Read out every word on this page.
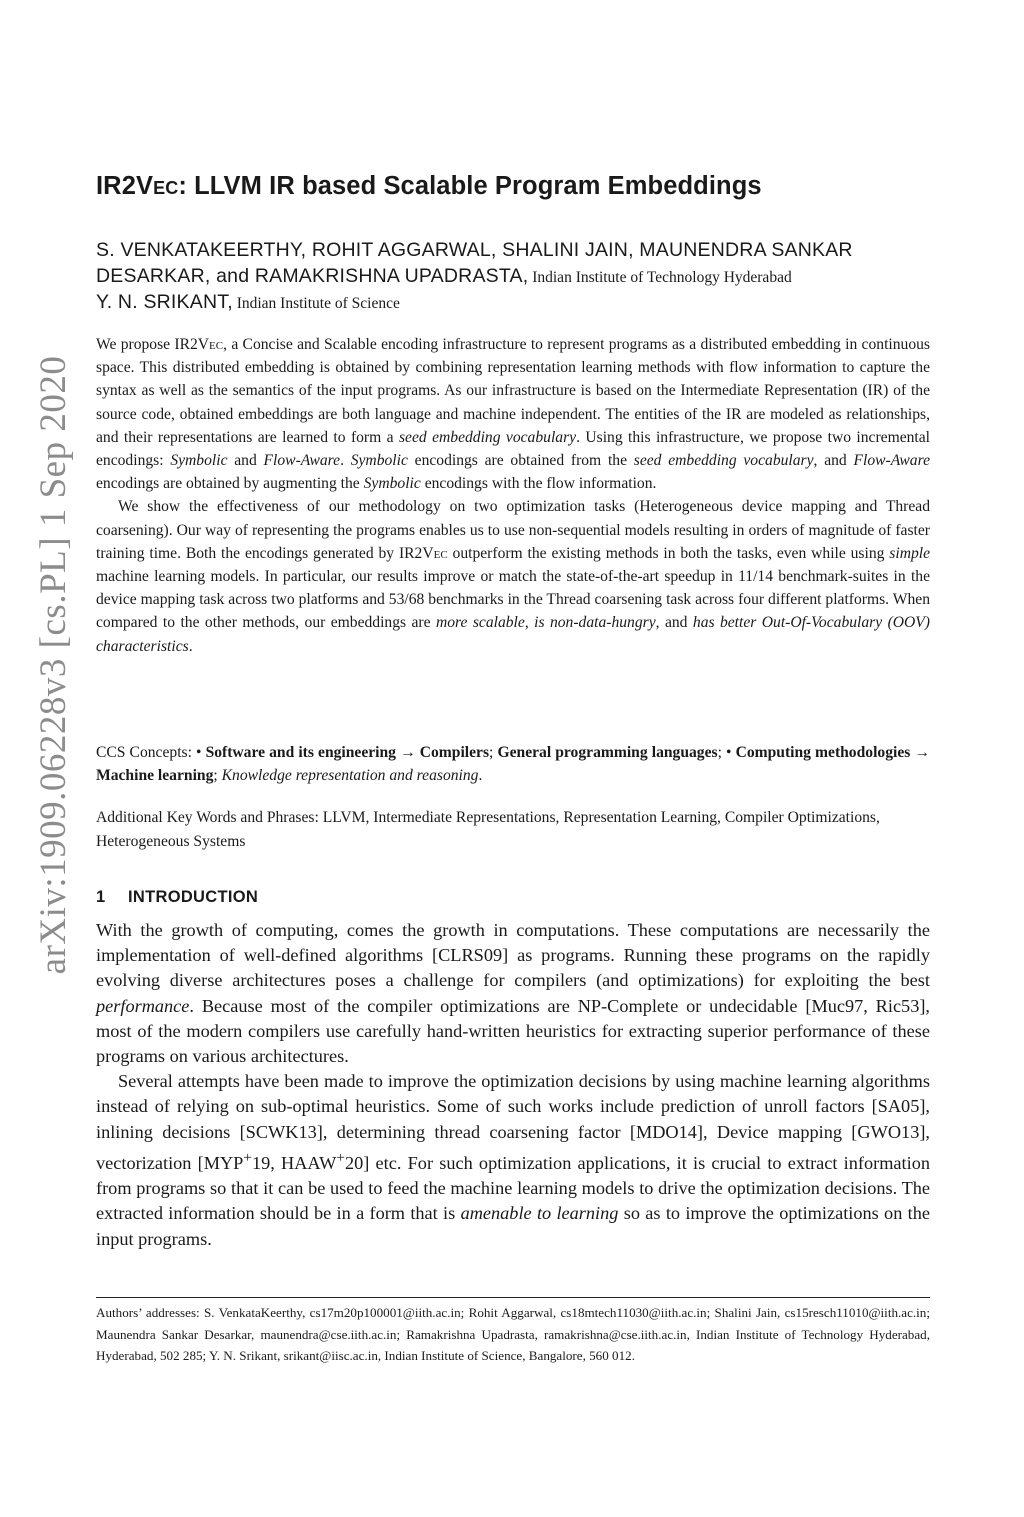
arXiv:1909.06228v3 [cs.PL] 1 Sep 2020
IR2Vec: LLVM IR based Scalable Program Embeddings
S. VENKATAKEERTHY, ROHIT AGGARWAL, SHALINI JAIN, MAUNENDRA SANKAR
DESARKAR, and RAMAKRISHNA UPADRASTA, Indian Institute of Technology Hyderabad
Y. N. SRIKANT, Indian Institute of Science

We propose IR2Vec, a Concise and Scalable encoding infrastructure to represent programs as a distributed embedding in continuous space. This distributed embedding is obtained by combining representation learning methods with flow information to capture the syntax as well as the semantics of the input programs. As our infrastructure is based on the Intermediate Representation (IR) of the source code, obtained embeddings are both language and machine independent. The entities of the IR are modeled as relationships, and their representations are learned to form a seed embedding vocabulary. Using this infrastructure, we propose two incremental encodings: Symbolic and Flow-Aware. Symbolic encodings are obtained from the seed embedding vocabulary, and Flow-Aware encodings are obtained by augmenting the Symbolic encodings with the flow information.

We show the effectiveness of our methodology on two optimization tasks (Heterogeneous device mapping and Thread coarsening). Our way of representing the programs enables us to use non-sequential models resulting in orders of magnitude of faster training time. Both the encodings generated by IR2Vec outperform the existing methods in both the tasks, even while using simple machine learning models. In particular, our results improve or match the state-of-the-art speedup in 11/14 benchmark-suites in the device mapping task across two platforms and 53/68 benchmarks in the Thread coarsening task across four different platforms. When compared to the other methods, our embeddings are more scalable, is non-data-hungry, and has better Out-Of-Vocabulary (OOV) characteristics.

CCS Concepts: • Software and its engineering → Compilers; General programming languages; • Computing methodologies → Machine learning; Knowledge representation and reasoning.
Additional Key Words and Phrases: LLVM, Intermediate Representations, Representation Learning, Compiler Optimizations, Heterogeneous Systems
1 INTRODUCTION

With the growth of computing, comes the growth in computations. These computations are necessarily the implementation of well-defined algorithms [CLRS09] as programs. Running these programs on the rapidly evolving diverse architectures poses a challenge for compilers (and optimizations) for exploiting the best performance. Because most of the compiler optimizations are NP-Complete or undecidable [Muc97, Ric53], most of the modern compilers use carefully hand-written heuristics for extracting superior performance of these programs on various architectures.

Several attempts have been made to improve the optimization decisions by using machine learning algorithms instead of relying on sub-optimal heuristics. Some of such works include prediction of unroll factors [SA05], inlining decisions [SCWK13], determining thread coarsening factor [MDO14], Device mapping [GWO13], vectorization [MYP+19, HAAW+20] etc. For such optimization applications, it is crucial to extract information from programs so that it can be used to feed the machine learning models to drive the optimization decisions. The extracted information should be in a form that is amenable to learning so as to improve the optimizations on the input programs.

Authors’ addresses: S. VenkataKeerthy, cs17m20p100001@iith.ac.in; Rohit Aggarwal, cs18mtech11030@iith.ac.in; Shalini Jain, cs15resch11010@iith.ac.in; Maunendra Sankar Desarkar, maunendra@cse.iith.ac.in; Ramakrishna Upadrasta, ramakrishna@cse.iith.ac.in, Indian Institute of Technology Hyderabad, Hyderabad, 502 285; Y. N. Srikant, srikant@iisc.ac.in, Indian Institute of Science, Bangalore, 560 012.
